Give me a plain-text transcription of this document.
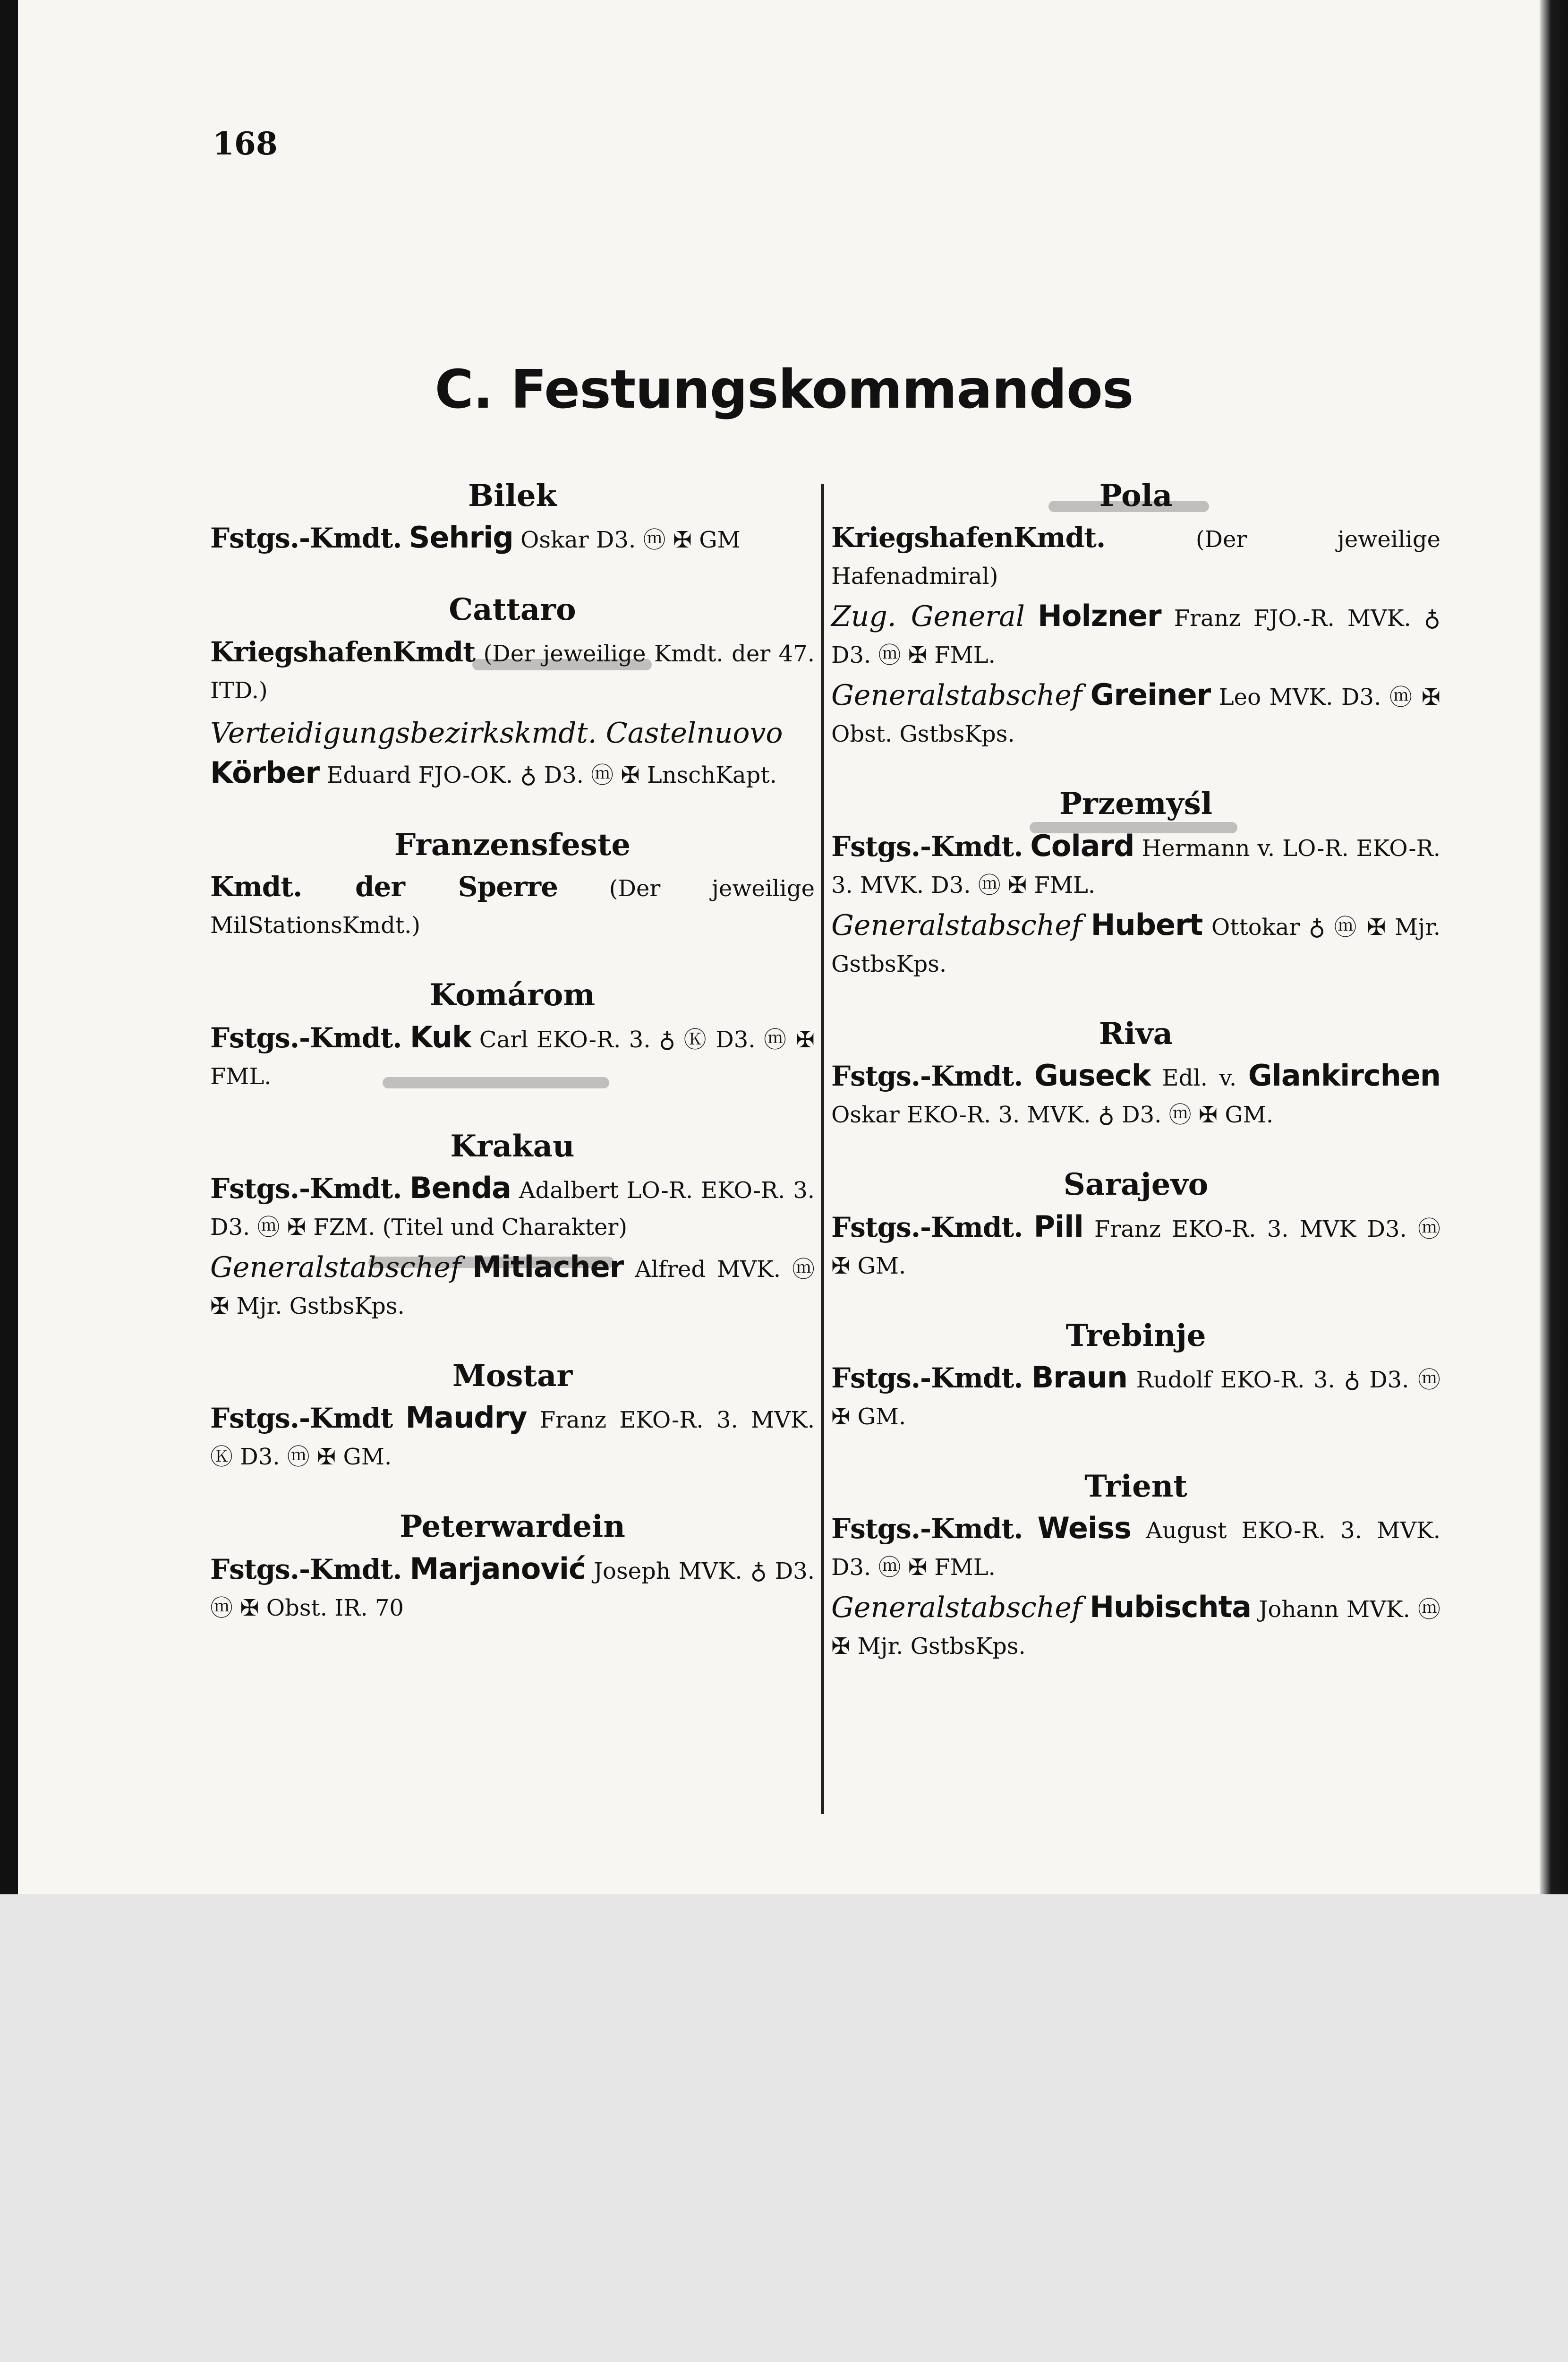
168
C. Festungskommandos
Bilek
Fstgs.-Kmdt. Sehrig Oskar D3. ⓜ ✠ GM
Cattaro
KriegshafenKmdt (Der jeweilige Kmdt. der 47. ITD.)
Verteidigungsbezirkskmdt. Castelnuovo
Körber Eduard FJO-OK. ♁ D3. ⓜ ✠ LnschKapt.
Franzensfeste
Kmdt. der Sperre (Der jeweilige MilStationsKmdt.)
Komárom
Fstgs.-Kmdt. Kuk Carl EKO-R. 3. ♁ Ⓚ D3. ⓜ ✠ FML.
Krakau
Fstgs.-Kmdt. Benda Adalbert LO-R. EKO-R. 3. D3. ⓜ ✠ FZM. (Titel und Charakter)
Generalstabschef Mitlacher Alfred MVK. ⓜ ✠ Mjr. GstbsKps.
Mostar
Fstgs.-Kmdt Maudry Franz EKO-R. 3. MVK. Ⓚ D3. ⓜ ✠ GM.
Peterwardein
Fstgs.-Kmdt. Marjanović Joseph MVK. ♁ D3. ⓜ ✠ Obst. IR. 70
Pola
KriegshafenKmdt.	(Der jeweilige Hafenadmiral)
Zug. General Holzner Franz FJO.-R. MVK. ♁ D3. ⓜ ✠ FML.
Generalstabschef Greiner Leo MVK. D3. ⓜ ✠ Obst. GstbsKps.
Przemyśl
Fstgs.-Kmdt. Colard Hermann v. LO-R. EKO-R. 3. MVK. D3. ⓜ ✠ FML.
Generalstabschef Hubert Ottokar ♁ ⓜ ✠ Mjr. GstbsKps.
Riva
Fstgs.-Kmdt. Guseck Edl. v. Glankirchen Oskar EKO-R. 3. MVK. ♁ D3. ⓜ ✠ GM.
Sarajevo
Fstgs.-Kmdt. Pill Franz EKO-R. 3. MVK D3. ⓜ ✠ GM.
Trebinje
Fstgs.-Kmdt. Braun Rudolf EKO-R. 3. ♁ D3. ⓜ ✠ GM.
Trient
Fstgs.-Kmdt. Weiss August EKO-R. 3. MVK. D3. ⓜ ✠ FML.
Generalstabschef Hubischta Johann MVK. ⓜ ✠ Mjr. GstbsKps.
